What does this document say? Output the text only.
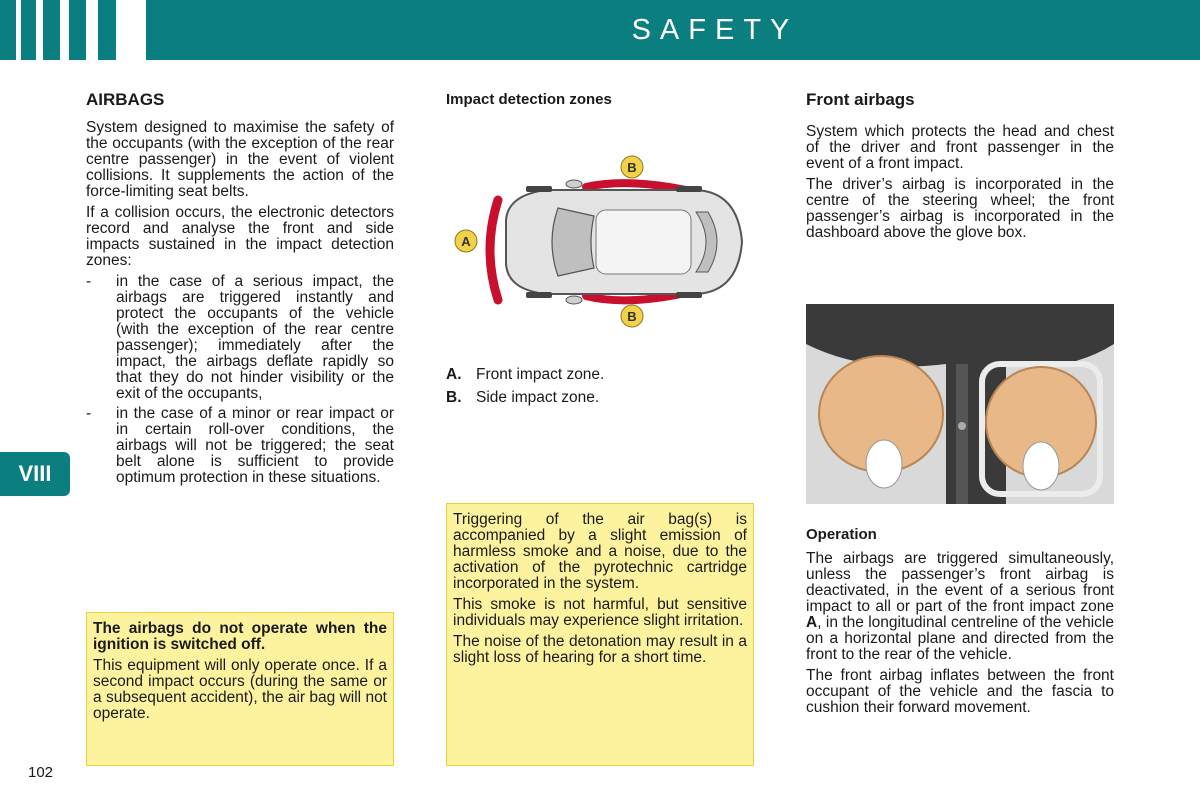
SAFETY
VIII
102
AIRBAGS

System designed to maximise the safety of the occupants (with the exception of the rear centre passenger) in the event of violent collisions. It supplements the action of the force-limiting seat belts.

If a collision occurs, the electronic detectors record and analyse the front and side impacts sustained in the impact detection zones:

- in the case of a serious impact, the airbags are triggered instantly and protect the occupants of the vehicle (with the exception of the rear centre passenger); immediately after the impact, the airbags deflate rapidly so that they do not hinder visibility or the exit of the occupants,
- in the case of a minor or rear impact or in certain roll-over conditions, the airbags will not be triggered; the seat belt alone is sufficient to provide optimum protection in these situations.

The airbags do not operate when the ignition is switched off.

This equipment will only operate once. If a second impact occurs (during the same or a subsequent accident), the air bag will not operate.

Impact detection zones
A
B
B
A. Front impact zone.
B. Side impact zone.

Triggering of the air bag(s) is accompanied by a slight emission of harmless smoke and a noise, due to the activation of the pyrotechnic cartridge incorporated in the system.

This smoke is not harmful, but sensitive individuals may experience slight irritation.

The noise of the detonation may result in a slight loss of hearing for a short time.

Front airbags

System which protects the head and chest of the driver and front passenger in the event of a front impact.

The driver’s airbag is incorporated in the centre of the steering wheel; the front passenger’s airbag is incorporated in the dashboard above the glove box.

Operation

The airbags are triggered simultaneously, unless the passenger’s front airbag is deactivated, in the event of a serious front impact to all or part of the front impact zone A, in the longitudinal centreline of the vehicle on a horizontal plane and directed from the front to the rear of the vehicle.

The front airbag inflates between the front occupant of the vehicle and the fascia to cushion their forward movement.
